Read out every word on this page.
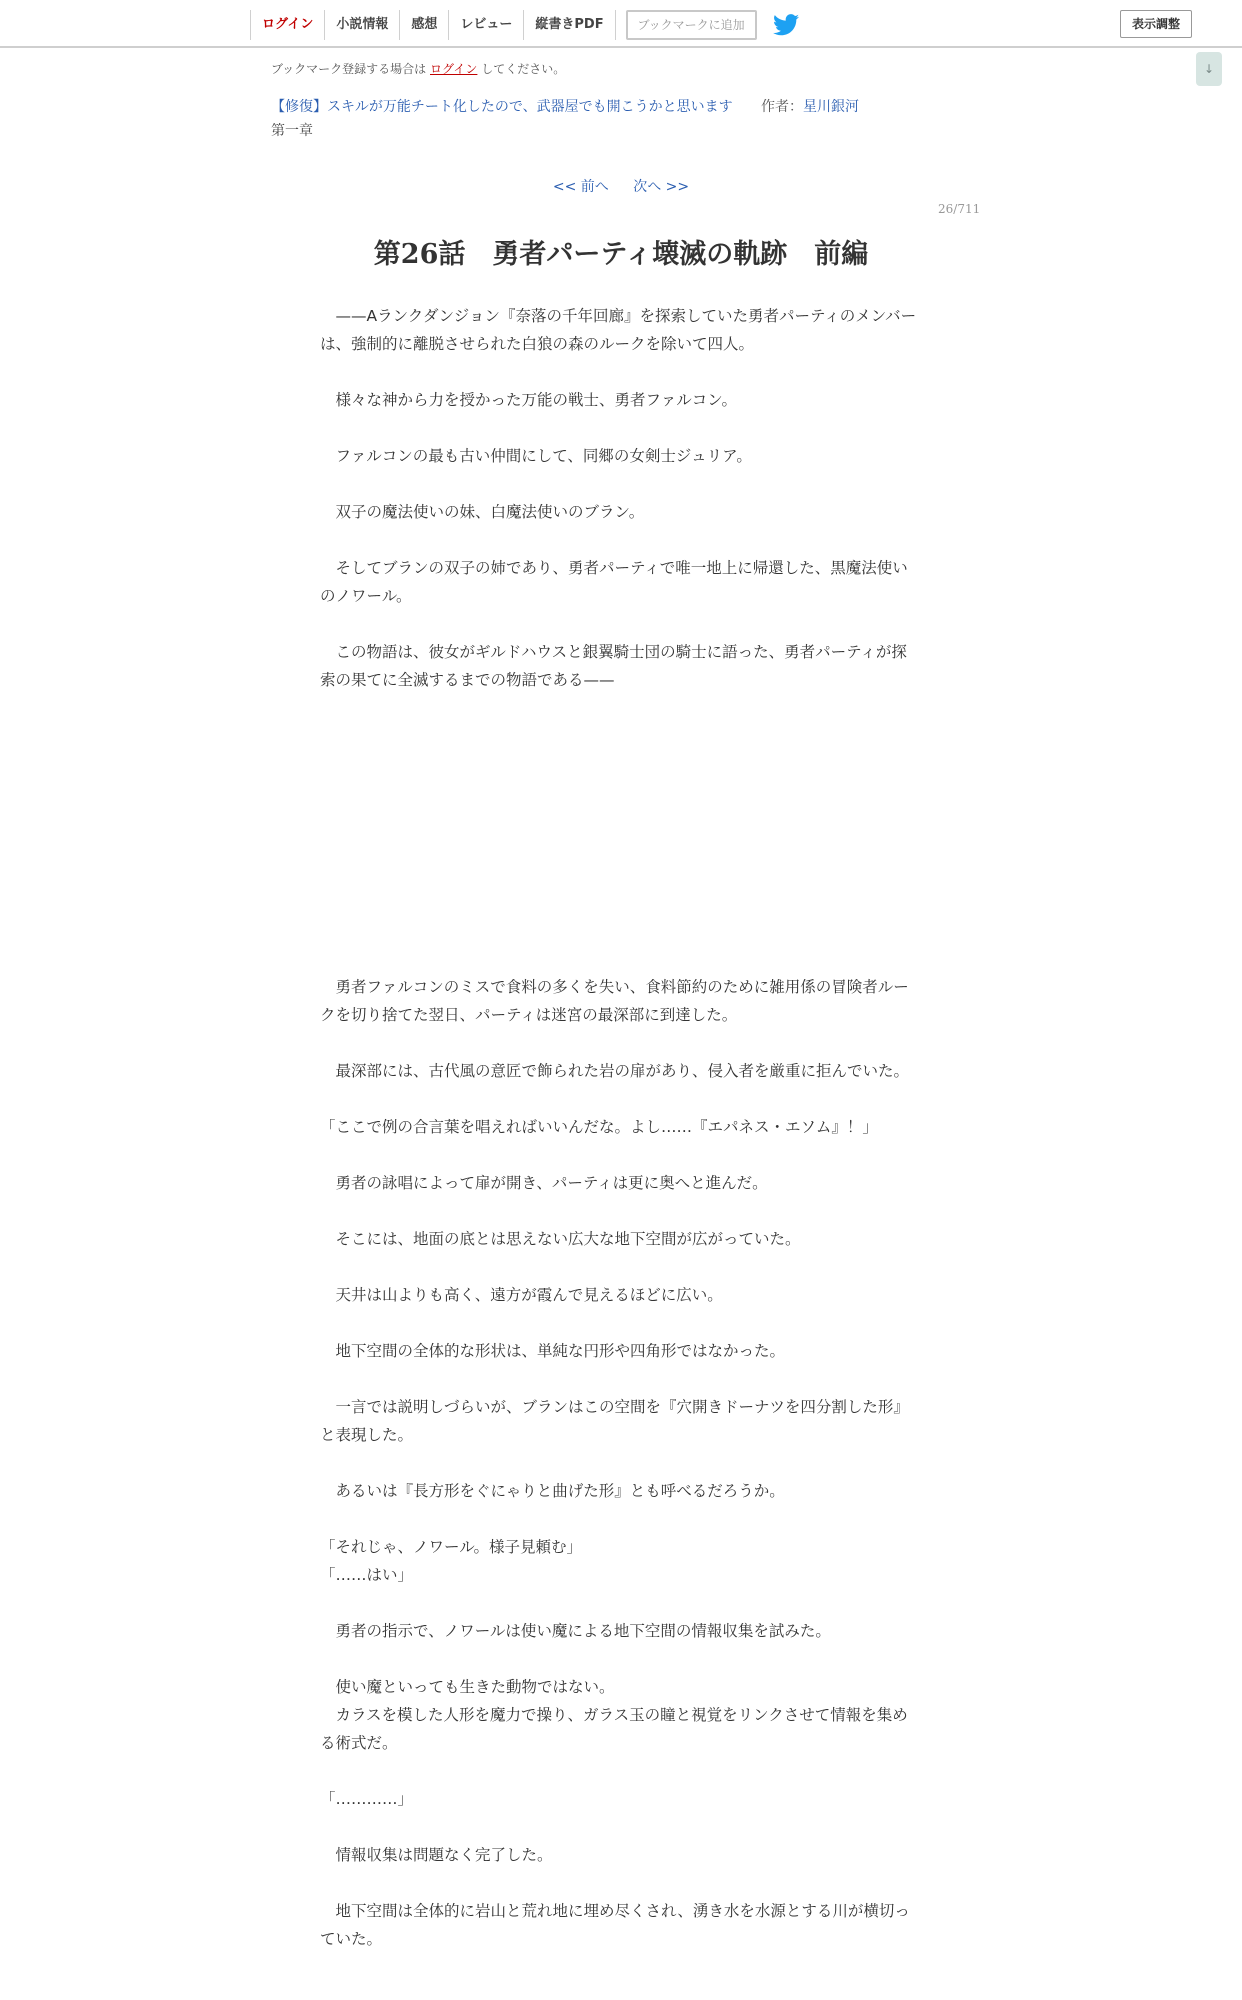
ログイン	小説情報	感想	レビュー	縦書きPDF	ブックマークに追加	表示調整
↓
ブックマーク登録する場合は ログイン してください。
【修復】スキルが万能チート化したので、武器屋でも開こうかと思います 作者：星川銀河
第一章
<< 前へ 次へ >>
26/711
第26話　勇者パーティ壊滅の軌跡　前編

　——Aランクダンジョン『奈落の千年回廊』を探索していた勇者パーティのメンバーは、強制的に離脱させられた白狼の森のルークを除いて四人。

　様々な神から力を授かった万能の戦士、勇者ファルコン。

　ファルコンの最も古い仲間にして、同郷の女剣士ジュリア。

　双子の魔法使いの妹、白魔法使いのブラン。

　そしてブランの双子の姉であり、勇者パーティで唯一地上に帰還した、黒魔法使いのノワール。

　この物語は、彼女がギルドハウスと銀翼騎士団の騎士に語った、勇者パーティが探索の果てに全滅するまでの物語である——

　勇者ファルコンのミスで食料の多くを失い、食料節約のために雑用係の冒険者ルークを切り捨てた翌日、パーティは迷宮の最深部に到達した。

　最深部には、古代風の意匠で飾られた岩の扉があり、侵入者を厳重に拒んでいた。

「ここで例の合言葉を唱えればいいんだな。よし……『エパネス・エソム』！」

　勇者の詠唱によって扉が開き、パーティは更に奥へと進んだ。

　そこには、地面の底とは思えない広大な地下空間が広がっていた。

　天井は山よりも高く、遠方が霞んで見えるほどに広い。

　地下空間の全体的な形状は、単純な円形や四角形ではなかった。

　一言では説明しづらいが、ブランはこの空間を『穴開きドーナツを四分割した形』と表現した。

　あるいは『長方形をぐにゃりと曲げた形』とも呼べるだろうか。

「それじゃ、ノワール。様子見頼む」

「……はい」

　勇者の指示で、ノワールは使い魔による地下空間の情報収集を試みた。

　使い魔といっても生きた動物ではない。

　カラスを模した人形を魔力で操り、ガラス玉の瞳と視覚をリンクさせて情報を集める術式だ。

「…………」

　情報収集は問題なく完了した。

　地下空間は全体的に岩山と荒れ地に埋め尽くされ、湧き水を水源とする川が横切っていた。
